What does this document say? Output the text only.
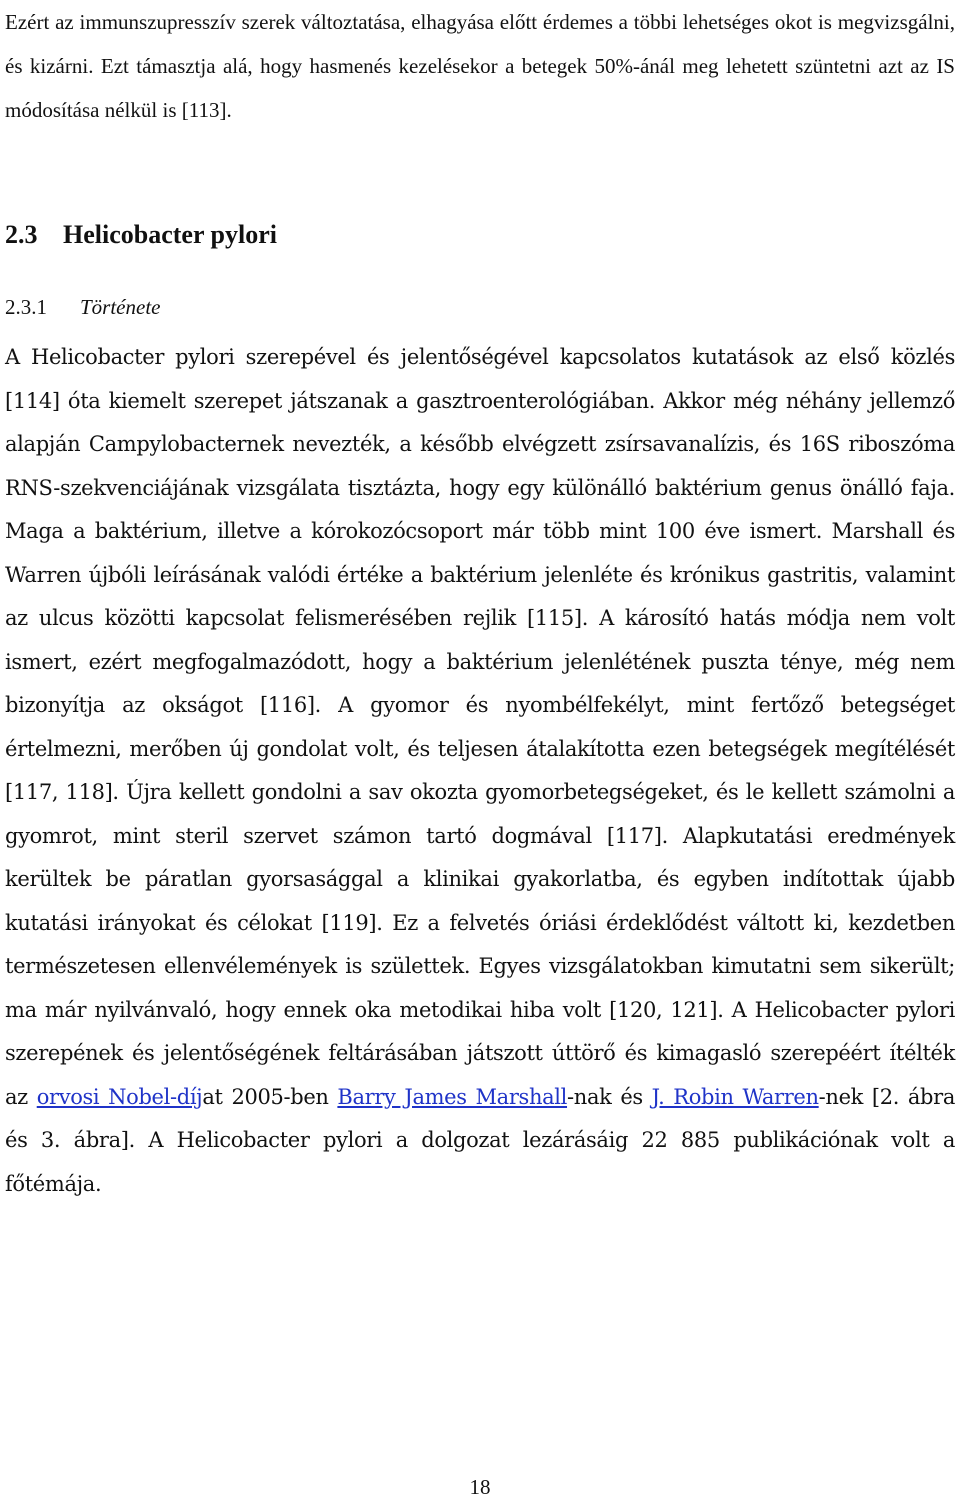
Ezért az immunszupresszív szerek változtatása, elhagyása előtt érdemes a többi lehetséges okot is megvizsgálni, és kizárni. Ezt támasztja alá, hogy hasmenés kezelésekor a betegek 50%-ánál meg lehetett szüntetni azt az IS módosítása nélkül is [113].

2.3 Helicobacter pylori
2.3.1 Története

A Helicobacter pylori szerepével és jelentőségével kapcsolatos kutatások az első közlés [114] óta kiemelt szerepet játszanak a gasztroenterológiában. Akkor még néhány jellemző alapján Campylobacternek nevezték, a később elvégzett zsírsavanalízis, és 16S riboszóma RNS-szekvenciájának vizsgálata tisztázta, hogy egy különálló baktérium genus önálló faja. Maga a baktérium, illetve a kórokozócsoport már több mint 100 éve ismert. Marshall és Warren újbóli leírásának valódi értéke a baktérium jelenléte és krónikus gastritis, valamint az ulcus közötti kapcsolat felismerésében rejlik [115]. A károsító hatás módja nem volt ismert, ezért megfogalmazódott, hogy a baktérium jelenlétének puszta ténye, még nem bizonyítja az okságot [116]. A gyomor és nyombélfekélyt, mint fertőző betegséget értelmezni, merőben új gondolat volt, és teljesen átalakította ezen betegségek megítélését [117, 118]. Újra kellett gondolni a sav okozta gyomorbetegségeket, és le kellett számolni a gyomrot, mint steril szervet számon tartó dogmával [117]. Alapkutatási eredmények kerültek be páratlan gyorsasággal a klinikai gyakorlatba, és egyben indítottak újabb kutatási irányokat és célokat [119]. Ez a felvetés óriási érdeklődést váltott ki, kezdetben természetesen ellenvélemények is születtek. Egyes vizsgálatokban kimutatni sem sikerült; ma már nyilvánvaló, hogy ennek oka metodikai hiba volt [120, 121]. A Helicobacter pylori szerepének és jelentőségének feltárásában játszott úttörő és kimagasló szerepéért ítélték az orvosi Nobel-díjat 2005-ben Barry James Marshall-nak és J. Robin Warren-nek [2. ábra és 3. ábra]. A Helicobacter pylori a dolgozat lezárásáig 22 885 publikációnak volt a főtémája.

18
